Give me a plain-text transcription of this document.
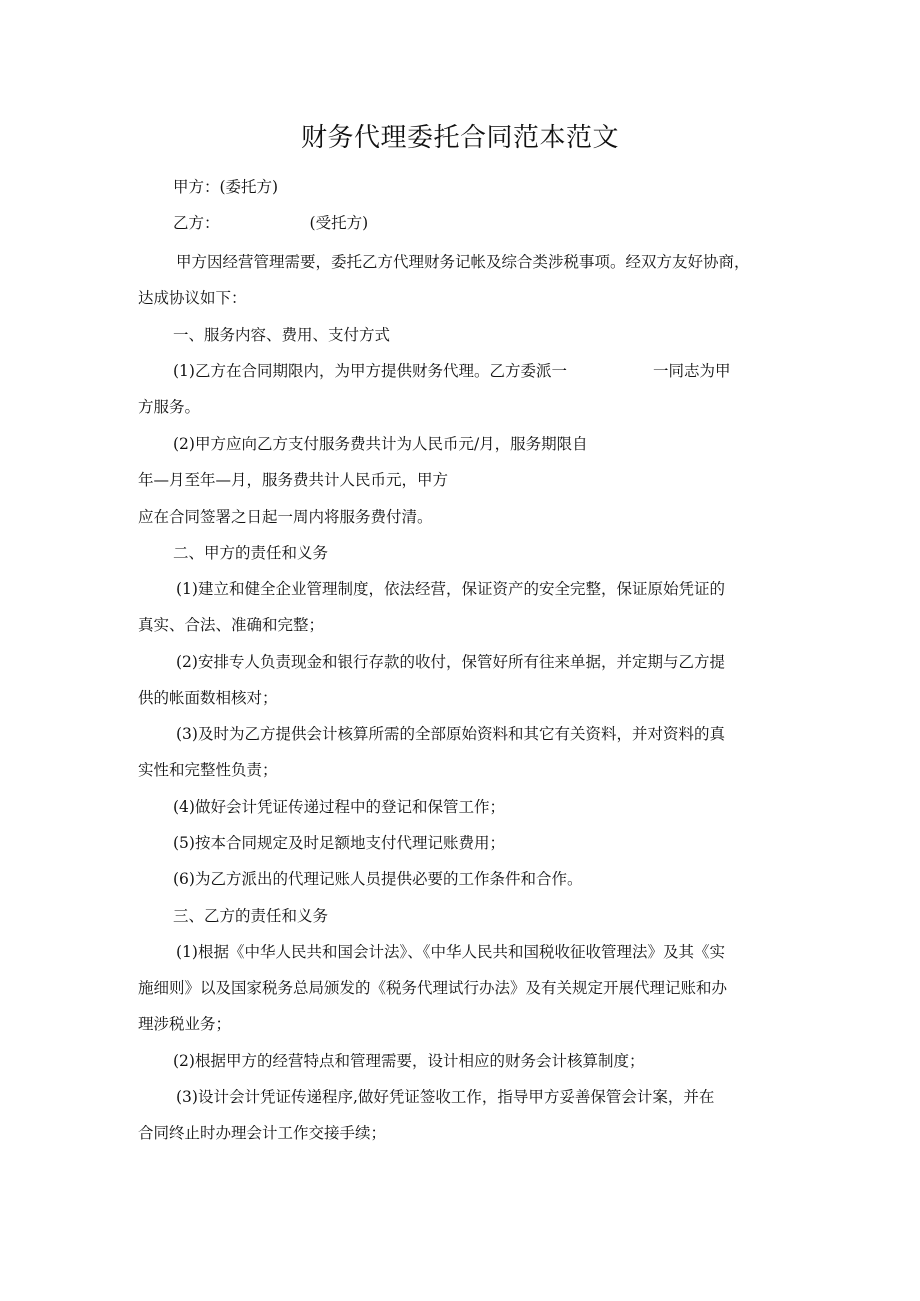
财务代理委托合同范本范文
甲方：(委托方)
乙方：	(受托方)
甲方因经营管理需要，委托乙方代理财务记帐及综合类涉税事项。经双方友好协商，
达成协议如下：
一、服务内容、费用、支付方式
(1)乙方在合同期限内，为甲方提供财务代理。乙方委派一	一同志为甲
方服务。
(2)甲方应向乙方支付服务费共计为人民币元/月，服务期限自
年—月至年—月，服务费共计人民币元，甲方
应在合同签署之日起一周内将服务费付清。
二、甲方的责任和义务
(1)建立和健全企业管理制度，依法经营，保证资产的安全完整，保证原始凭证的
真实、合法、准确和完整；
(2)安排专人负责现金和银行存款的收付，保管好所有往来单据，并定期与乙方提
供的帐面数相核对；
(3)及时为乙方提供会计核算所需的全部原始资料和其它有关资料，并对资料的真
实性和完整性负责；
(4)做好会计凭证传递过程中的登记和保管工作；
(5)按本合同规定及时足额地支付代理记账费用；
(6)为乙方派出的代理记账人员提供必要的工作条件和合作。
三、乙方的责任和义务
(1)根据《中华人民共和国会计法》、《中华人民共和国税收征收管理法》及其《实
施细则》以及国家税务总局颁发的《税务代理试行办法》及有关规定开展代理记账和办
理涉税业务；
(2)根据甲方的经营特点和管理需要，设计相应的财务会计核算制度；
(3)设计会计凭证传递程序,做好凭证签收工作，指导甲方妥善保管会计案，并在
合同终止时办理会计工作交接手续；
